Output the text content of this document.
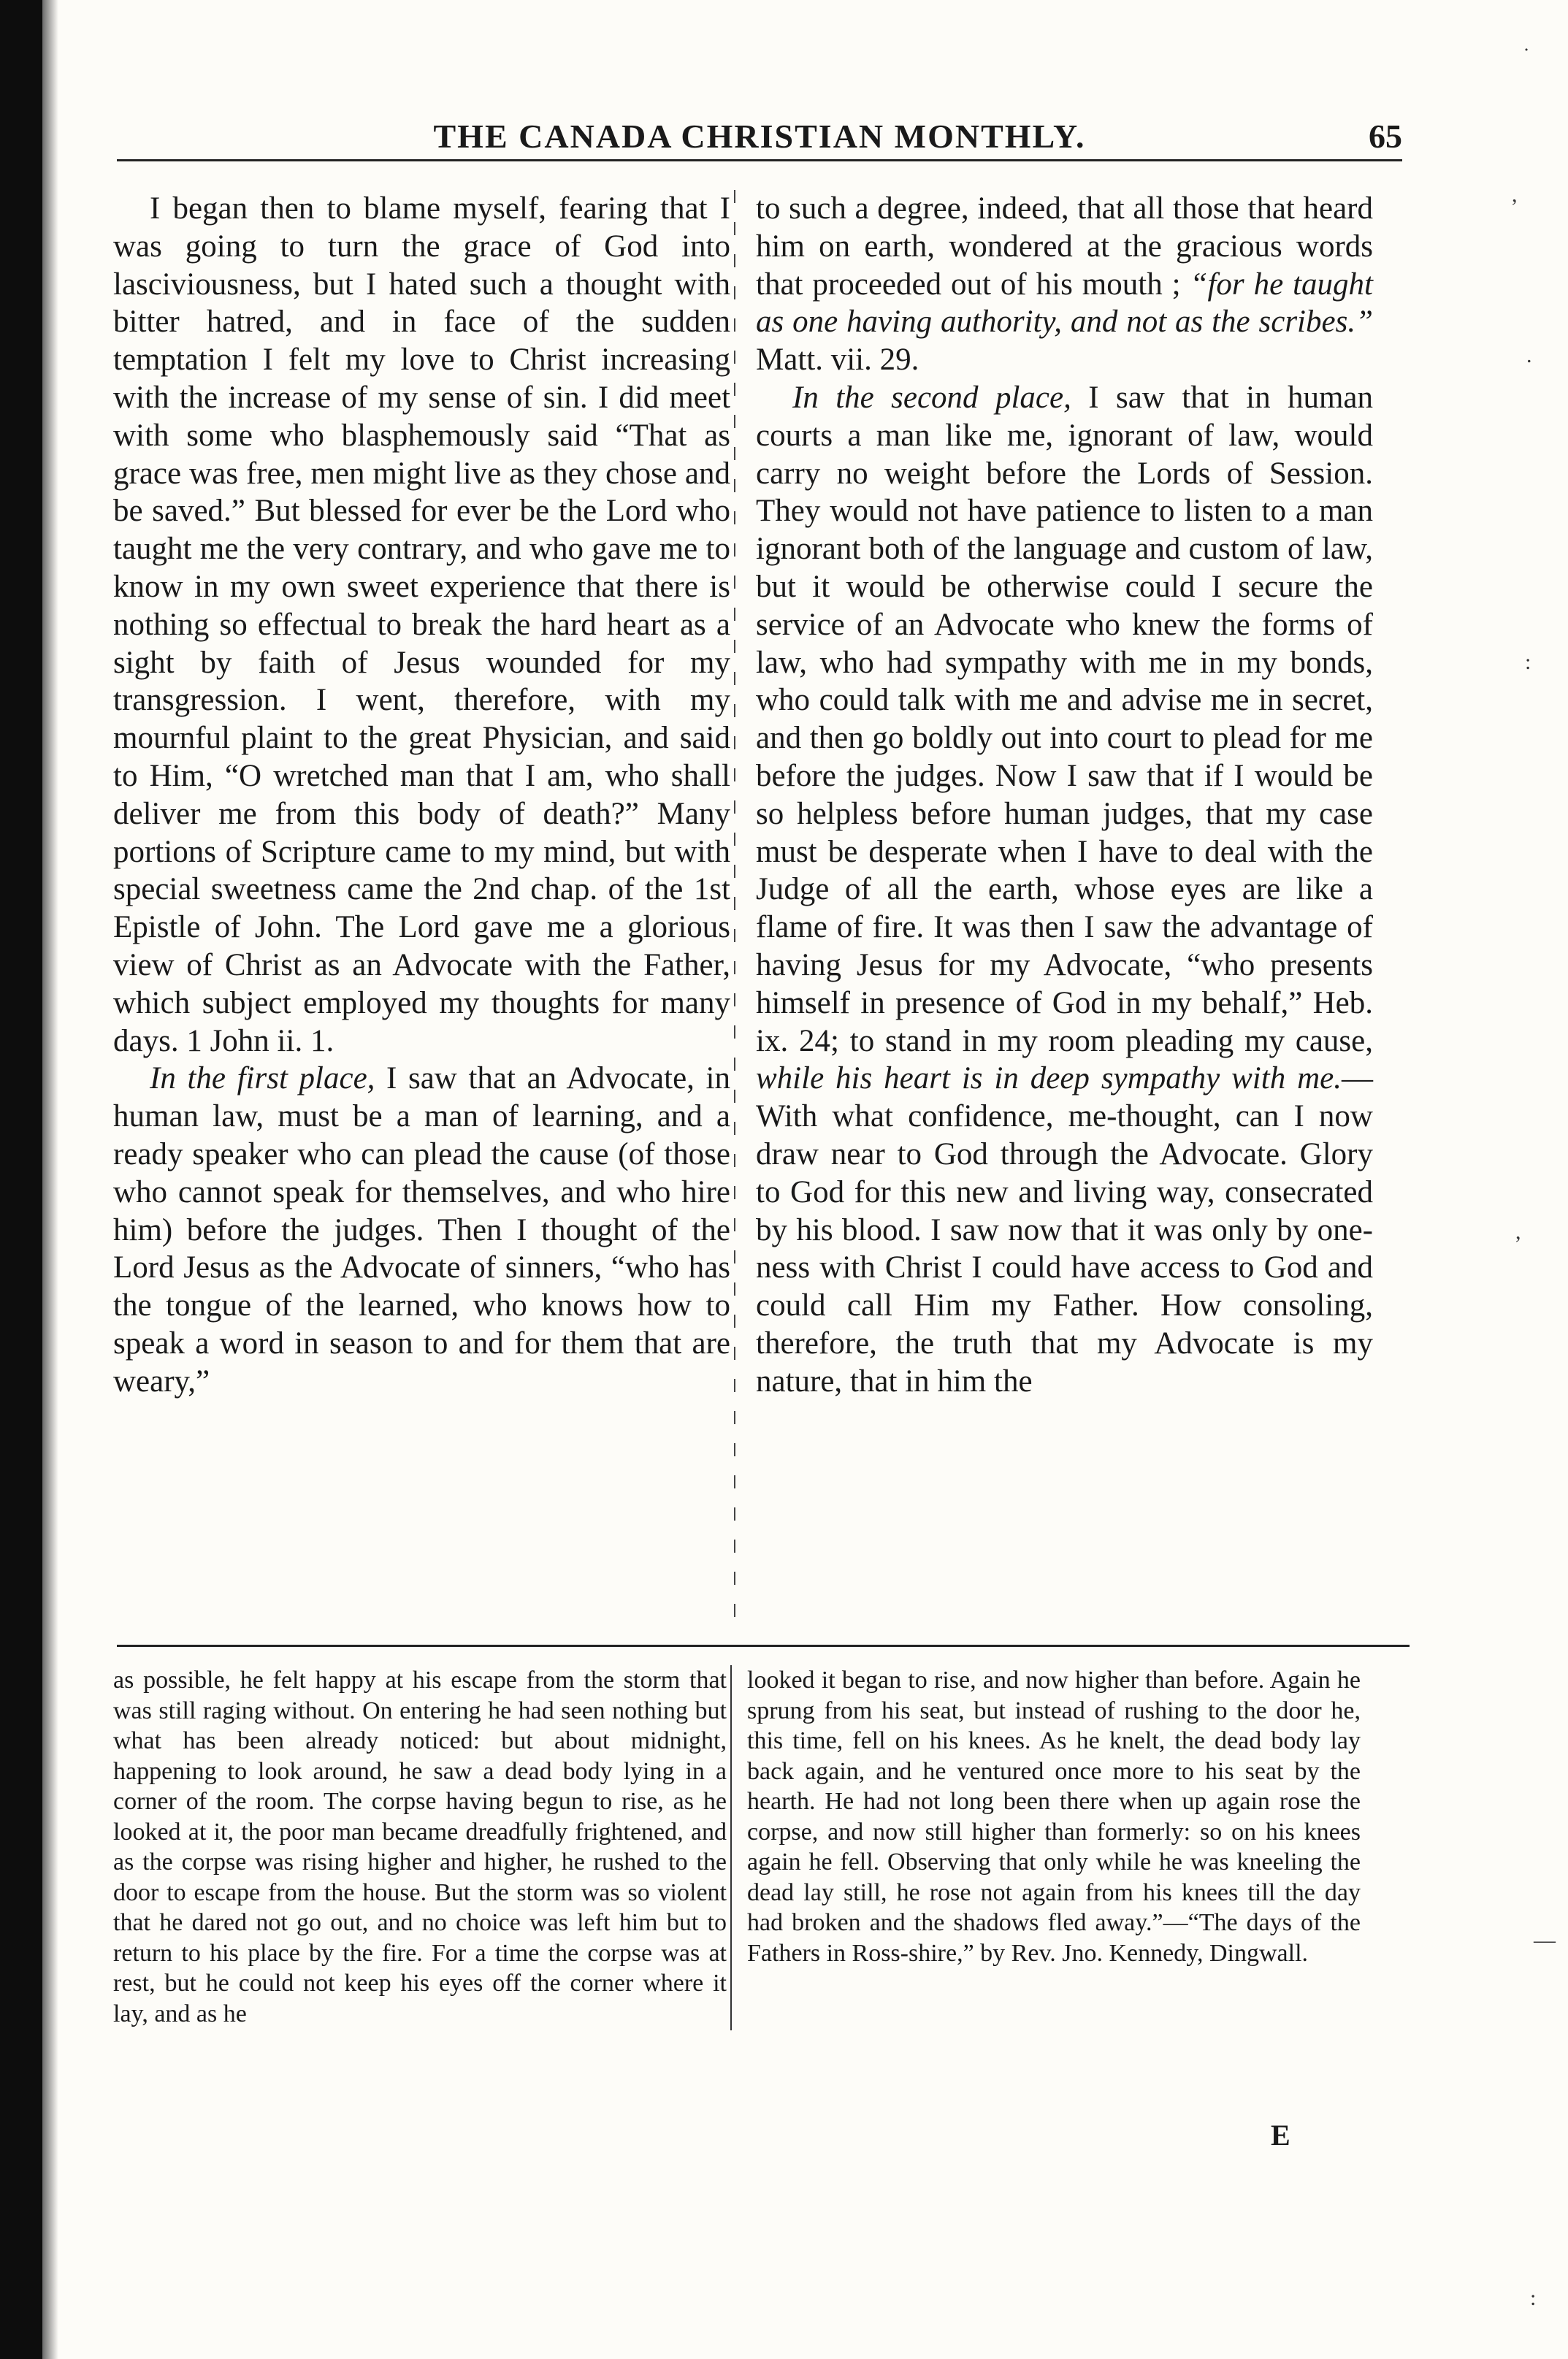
THE CANADA CHRISTIAN MONTHLY.	65

I began then to blame myself, fearing that I was going to turn the grace of God into lasciviousness, but I hated such a thought with bitter hatred, and in face of the sudden temptation I felt my love to Christ increasing with the increase of my sense of sin. I did meet with some who blasphemously said “That as grace was free, men might live as they chose and be saved.” But blessed for ever be the Lord who taught me the very contrary, and who gave me to know in my own sweet experience that there is nothing so effectual to break the hard heart as a sight by faith of Jesus wounded for my transgression. I went, therefore, with my mournful plaint to the great Physician, and said to Him, “O wretched man that I am, who shall deliver me from this body of death?” Many portions of Scripture came to my mind, but with special sweetness came the 2nd chap. of the 1st Epistle of John. The Lord gave me a glorious view of Christ as an Advocate with the Father, which subject employed my thoughts for many days. 1 John ii. 1.

In the first place, I saw that an Advocate, in human law, must be a man of learning, and a ready speaker who can plead the cause (of those who cannot speak for themselves, and who hire him) before the judges. Then I thought of the Lord Jesus as the Advocate of sinners, “who has the tongue of the learned, who knows how to speak a word in season to and for them that are weary,”

to such a degree, indeed, that all those that heard him on earth, wondered at the gracious words that proceeded out of his mouth ; “for he taught as one having authority, and not as the scribes.” Matt. vii. 29.

In the second place, I saw that in human courts a man like me, ignorant of law, would carry no weight before the Lords of Session. They would not have patience to listen to a man ignorant both of the language and custom of law, but it would be otherwise could I secure the service of an Advocate who knew the forms of law, who had sympathy with me in my bonds, who could talk with me and advise me in secret, and then go boldly out into court to plead for me before the judges. Now I saw that if I would be so helpless before human judges, that my case must be desperate when I have to deal with the Judge of all the earth, whose eyes are like a flame of fire. It was then I saw the advantage of having Jesus for my Advocate, “who presents himself in presence of God in my behalf,” Heb. ix. 24; to stand in my room pleading my cause, while his heart is in deep sympathy with me.—With what confidence, me-thought, can I now draw near to God through the Advocate. Glory to God for this new and living way, consecrated by his blood. I saw now that it was only by one-ness with Christ I could have access to God and could call Him my Father. How consoling, therefore, the truth that my Advocate is my nature, that in him the

as possible, he felt happy at his escape from the storm that was still raging without. On entering he had seen nothing but what has been already noticed: but about midnight, happening to look around, he saw a dead body lying in a corner of the room. The corpse having begun to rise, as he looked at it, the poor man became dreadfully frightened, and as the corpse was rising higher and higher, he rushed to the door to escape from the house. But the storm was so violent that he dared not go out, and no choice was left him but to return to his place by the fire. For a time the corpse was at rest, but he could not keep his eyes off the corner where it lay, and as he

looked it began to rise, and now higher than before. Again he sprung from his seat, but instead of rushing to the door he, this time, fell on his knees. As he knelt, the dead body lay back again, and he ventured once more to his seat by the hearth. He had not long been there when up again rose the corpse, and now still higher than formerly: so on his knees again he fell. Observing that only while he was kneeling the dead lay still, he rose not again from his knees till the day had broken and the shadows fled away.”—“The days of the Fathers in Ross-shire,” by Rev. Jno. Kennedy, Dingwall.

E
˙
,
.
:
,
—
:
